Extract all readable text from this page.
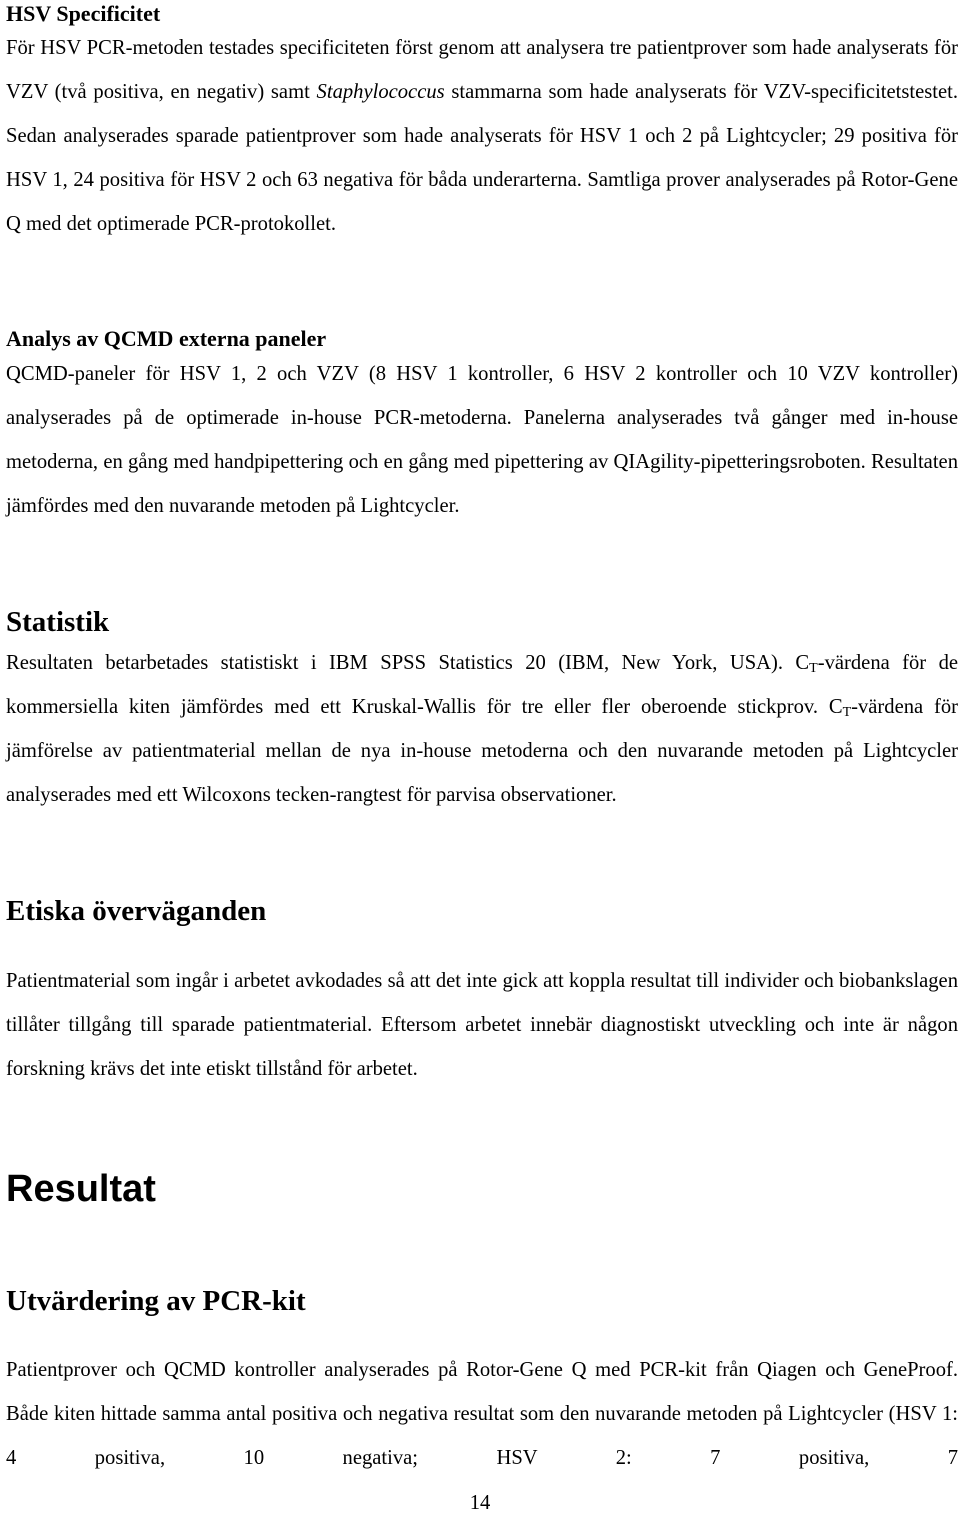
HSV Specificitet

För HSV PCR-metoden testades specificiteten först genom att analysera tre patientprover som hade analyserats för VZV (två positiva, en negativ) samt Staphylococcus stammarna som hade analyserats för VZV-specificitetstestet. Sedan analyserades sparade patientprover som hade analyserats för HSV 1 och 2 på Lightcycler; 29 positiva för HSV 1, 24 positiva för HSV 2 och 63 negativa för båda underarterna. Samtliga prover analyserades på Rotor-Gene Q med det optimerade PCR-protokollet.

Analys av QCMD externa paneler

QCMD-paneler för HSV 1, 2 och VZV (8 HSV 1 kontroller, 6 HSV 2 kontroller och 10 VZV kontroller) analyserades på de optimerade in-house PCR-metoderna. Panelerna analyserades två gånger med in-house metoderna, en gång med handpipettering och en gång med pipettering av QIAgility-pipetteringsroboten. Resultaten jämfördes med den nuvarande metoden på Lightcycler.

Statistik

Resultaten betarbetades statistiskt i IBM SPSS Statistics 20 (IBM, New York, USA). $C_T$-värdena för de kommersiella kiten jämfördes med ett Kruskal-Wallis för tre eller fler oberoende stickprov. $C_T$-värdena för jämförelse av patientmaterial mellan de nya in-house metoderna och den nuvarande metoden på Lightcycler analyserades med ett Wilcoxons tecken-rangtest för parvisa observationer.

Etiska överväganden

Patientmaterial som ingår i arbetet avkodades så att det inte gick att koppla resultat till individer och biobankslagen tillåter tillgång till sparade patientmaterial. Eftersom arbetet innebär diagnostiskt utveckling och inte är någon forskning krävs det inte etiskt tillstånd för arbetet.

Resultat
Utvärdering av PCR-kit

Patientprover och QCMD kontroller analyserades på Rotor-Gene Q med PCR-kit från Qiagen och GeneProof. Både kiten hittade samma antal positiva och negativa resultat som den nuvarande metoden på Lightcycler (HSV 1: 4 positiva, 10 negativa; HSV 2: 7 positiva, 7

14
